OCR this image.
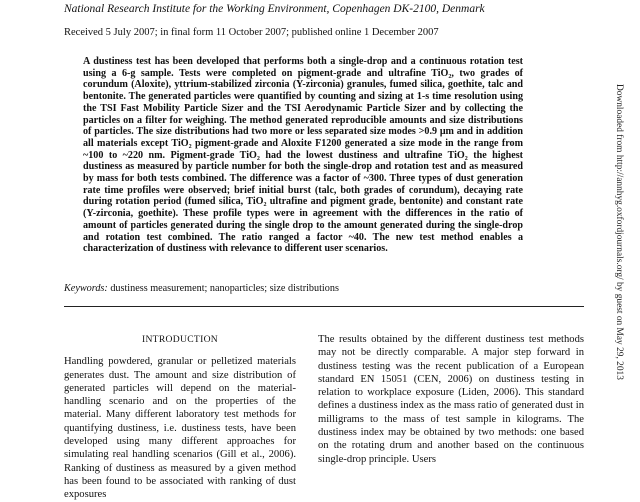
National Research Institute for the Working Environment, Copenhagen DK-2100, Denmark
Received 5 July 2007; in final form 11 October 2007; published online 1 December 2007

A dustiness test has been developed that performs both a single-drop and a continuous rotation test using a 6-g sample. Tests were completed on pigment-grade and ultrafine TiO₂, two grades of corundum (Aloxite), yttrium-stabilized zirconia (Y-zirconia) granules, fumed silica, goethite, talc and bentonite. The generated particles were quantified by counting and sizing at 1-s time resolution using the TSI Fast Mobility Particle Sizer and the TSI Aerodynamic Particle Sizer and by collecting the particles on a filter for weighing. The method generated reproducible amounts and size distributions of particles. The size distributions had two more or less separated size modes >0.9 μm and in addition all materials except TiO₂ pigment-grade and Aloxite F1200 generated a size mode in the range from ~100 to ~220 nm. Pigment-grade TiO₂ had the lowest dustiness and ultrafine TiO₂ the highest dustiness as measured by particle number for both the single-drop and rotation test and as measured by mass for both tests combined. The difference was a factor of ~300. Three types of dust generation rate time profiles were observed; brief initial burst (talc, both grades of corundum), decaying rate during rotation period (fumed silica, TiO₂ ultrafine and pigment grade, bentonite) and constant rate (Y-zirconia, goethite). These profile types were in agreement with the differences in the ratio of amount of particles generated during the single drop to the amount generated during the single-drop and rotation test combined. The ratio ranged a factor ~40. The new test method enables a characterization of dustiness with relevance to different user scenarios.

Keywords: dustiness measurement; nanoparticles; size distributions
INTRODUCTION

Handling powdered, granular or pelletized materials generates dust. The amount and size distribution of generated particles will depend on the material-handling scenario and on the properties of the material. Many different laboratory test methods for quantifying dustiness, i.e. dustiness tests, have been developed using many different approaches for simulating real handling scenarios (Gill et al., 2006). Ranking of dustiness as measured by a given method has been found to be associated with ranking of dust exposures

The results obtained by the different dustiness test methods may not be directly comparable. A major step forward in dustiness testing was the recent publication of a European standard EN 15051 (CEN, 2006) on dustiness testing in relation to workplace exposure (Liden, 2006). This standard defines a dustiness index as the mass ratio of generated dust in milligrams to the mass of test sample in kilograms. The dustiness index may be obtained by two methods: one based on the rotating drum and another based on the continuous single-drop principle. Users

Downloaded from http://annhyg.oxfordjournals.org/ by guest on May 29, 2013
